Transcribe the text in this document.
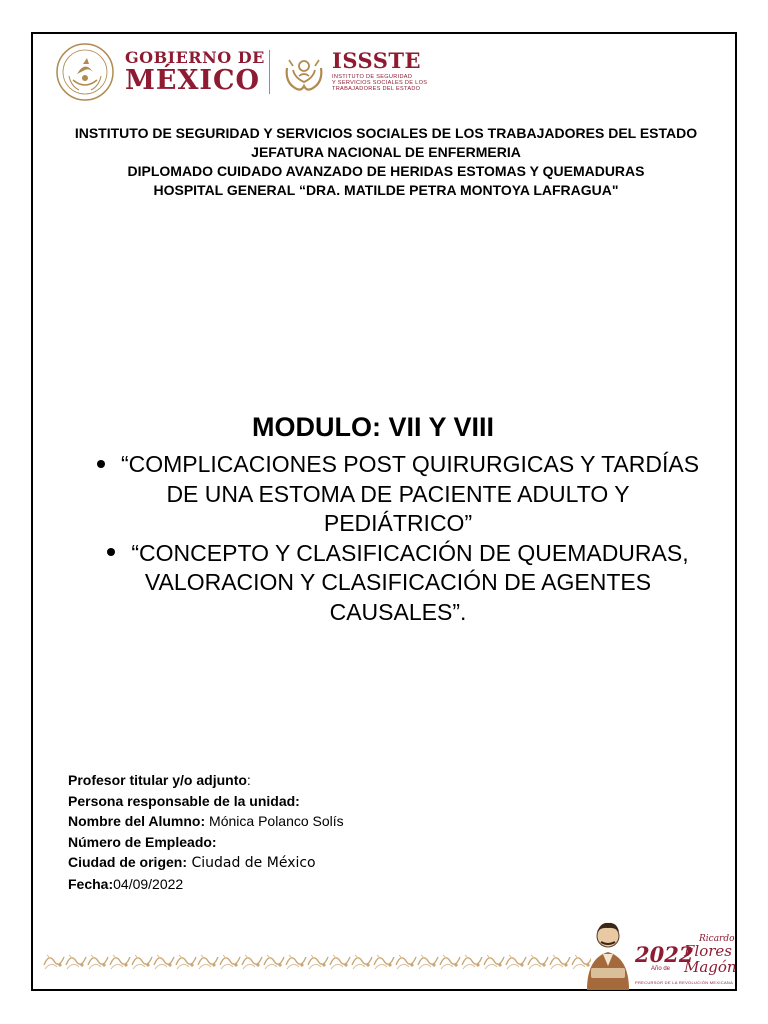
GOBIERNO DE
MÉXICO
ISSSTE
INSTITUTO DE SEGURIDAD
Y SERVICIOS SOCIALES DE LOS
TRABAJADORES DEL ESTADO
INSTITUTO DE SEGURIDAD Y SERVICIOS SOCIALES DE LOS TRABAJADORES DEL ESTADO
JEFATURA NACIONAL DE ENFERMERIA
DIPLOMADO CUIDADO AVANZADO DE HERIDAS ESTOMAS Y QUEMADURAS
HOSPITAL GENERAL “DRA. MATILDE PETRA MONTOYA LAFRAGUA"
MODULO: VII Y VIII
“COMPLICACIONES POST QUIRURGICAS Y TARDÍAS DE UNA ESTOMA DE PACIENTE ADULTO Y PEDIÁTRICO”
“CONCEPTO Y CLASIFICACIÓN DE QUEMADURAS, VALORACION Y CLASIFICACIÓN DE AGENTES CAUSALES”.
Profesor titular y/o adjunto:
Persona responsable de la unidad:
Nombre del Alumno: Mónica Polanco Solís
Número de Empleado:
Ciudad de origen: Ciudad de México
Fecha:04/09/2022
2022
Año de
Ricardo
Flores
Magón
PRECURSOR DE LA REVOLUCIÓN MEXICANA
